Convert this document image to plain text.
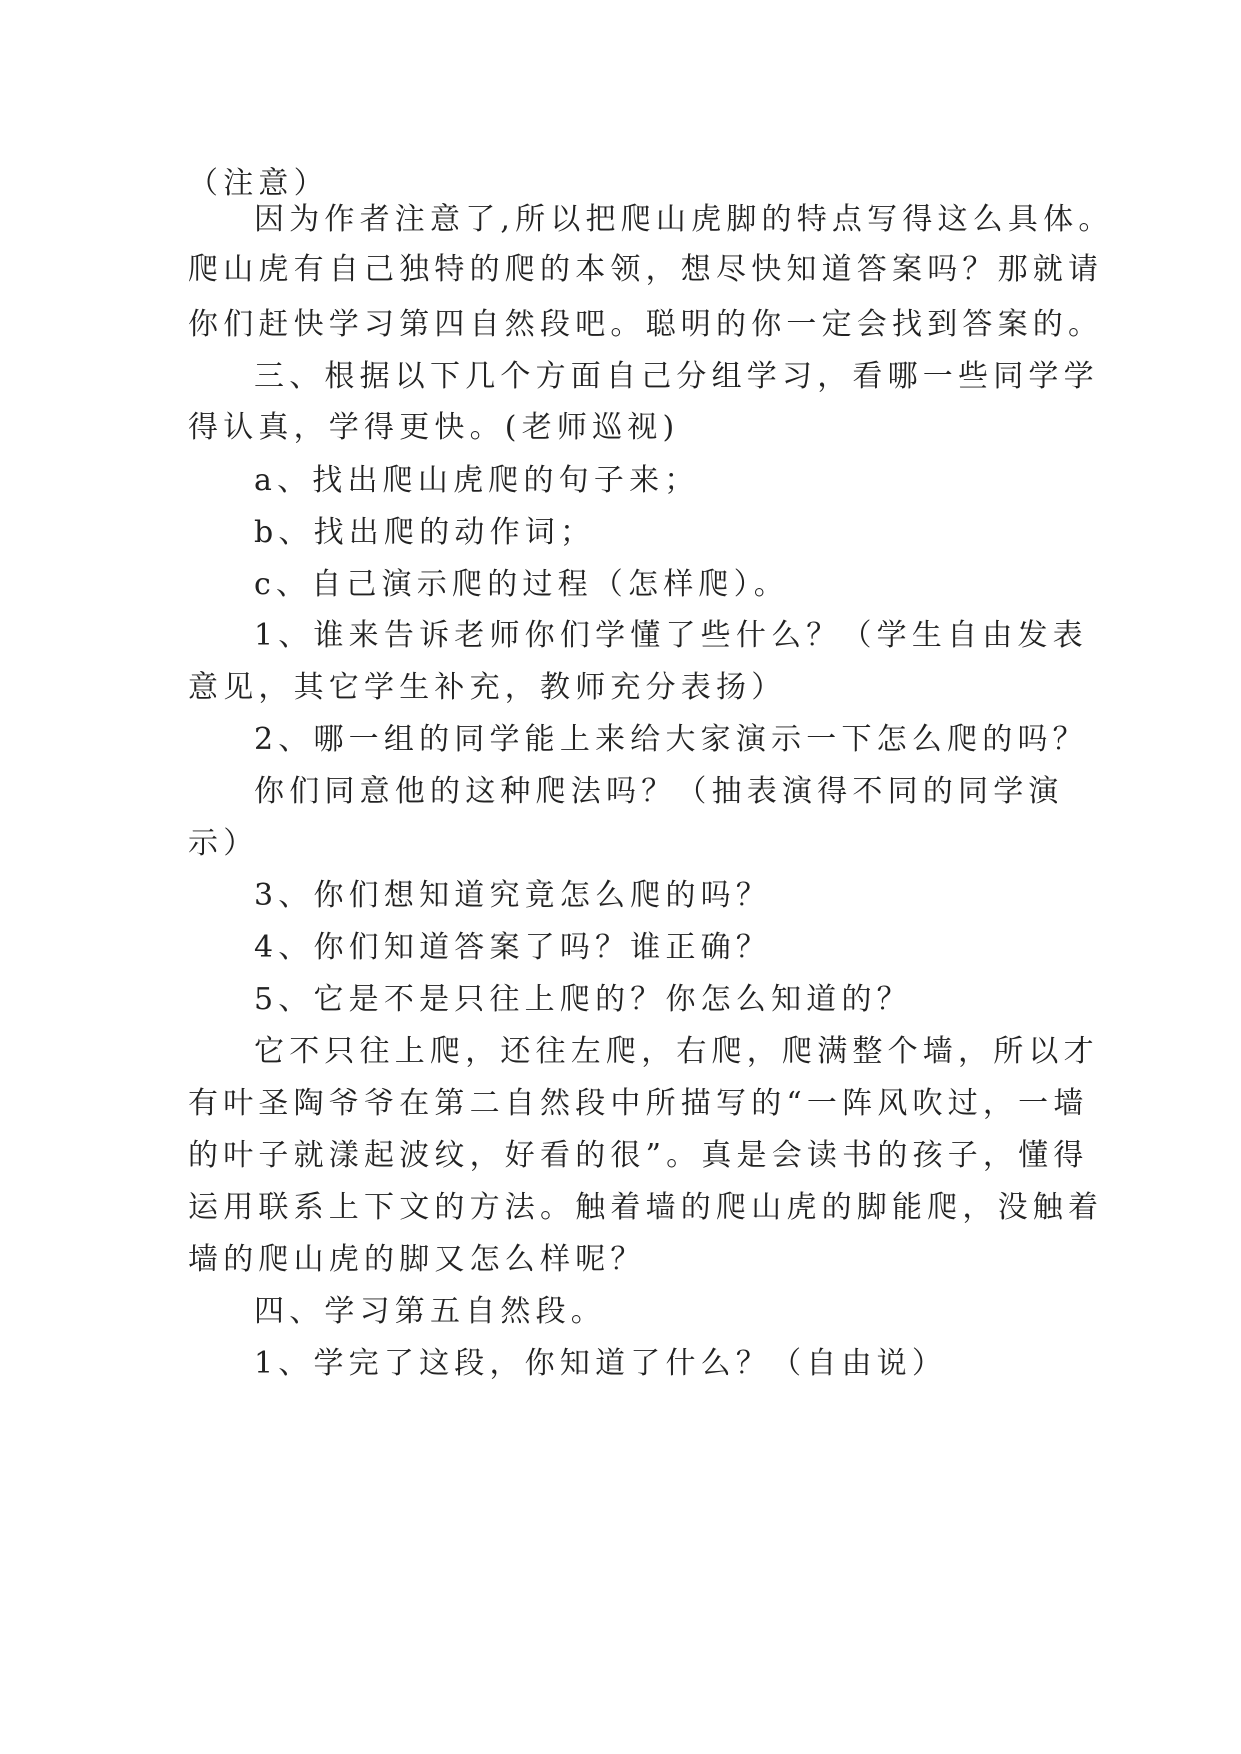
（注意）
因为作者注意了,所以把爬山虎脚的特点写得这么具体。
爬山虎有自己独特的爬的本领，想尽快知道答案吗？那就请
你们赶快学习第四自然段吧。聪明的你一定会找到答案的。
三、根据以下几个方面自己分组学习，看哪一些同学学
得认真，学得更快。(老师巡视)
a、找出爬山虎爬的句子来；
b、找出爬的动作词；
c、自己演示爬的过程（怎样爬）。
1、谁来告诉老师你们学懂了些什么？（学生自由发表
意见，其它学生补充，教师充分表扬）
2、哪一组的同学能上来给大家演示一下怎么爬的吗？
你们同意他的这种爬法吗？（抽表演得不同的同学演
示）
3、你们想知道究竟怎么爬的吗？
4、你们知道答案了吗？谁正确？
5、它是不是只往上爬的？你怎么知道的？
它不只往上爬，还往左爬，右爬，爬满整个墙，所以才
有叶圣陶爷爷在第二自然段中所描写的“一阵风吹过，一墙
的叶子就漾起波纹，好看的很”。真是会读书的孩子，懂得
运用联系上下文的方法。触着墙的爬山虎的脚能爬，没触着
墙的爬山虎的脚又怎么样呢？
四、学习第五自然段。
1、学完了这段，你知道了什么？（自由说）
